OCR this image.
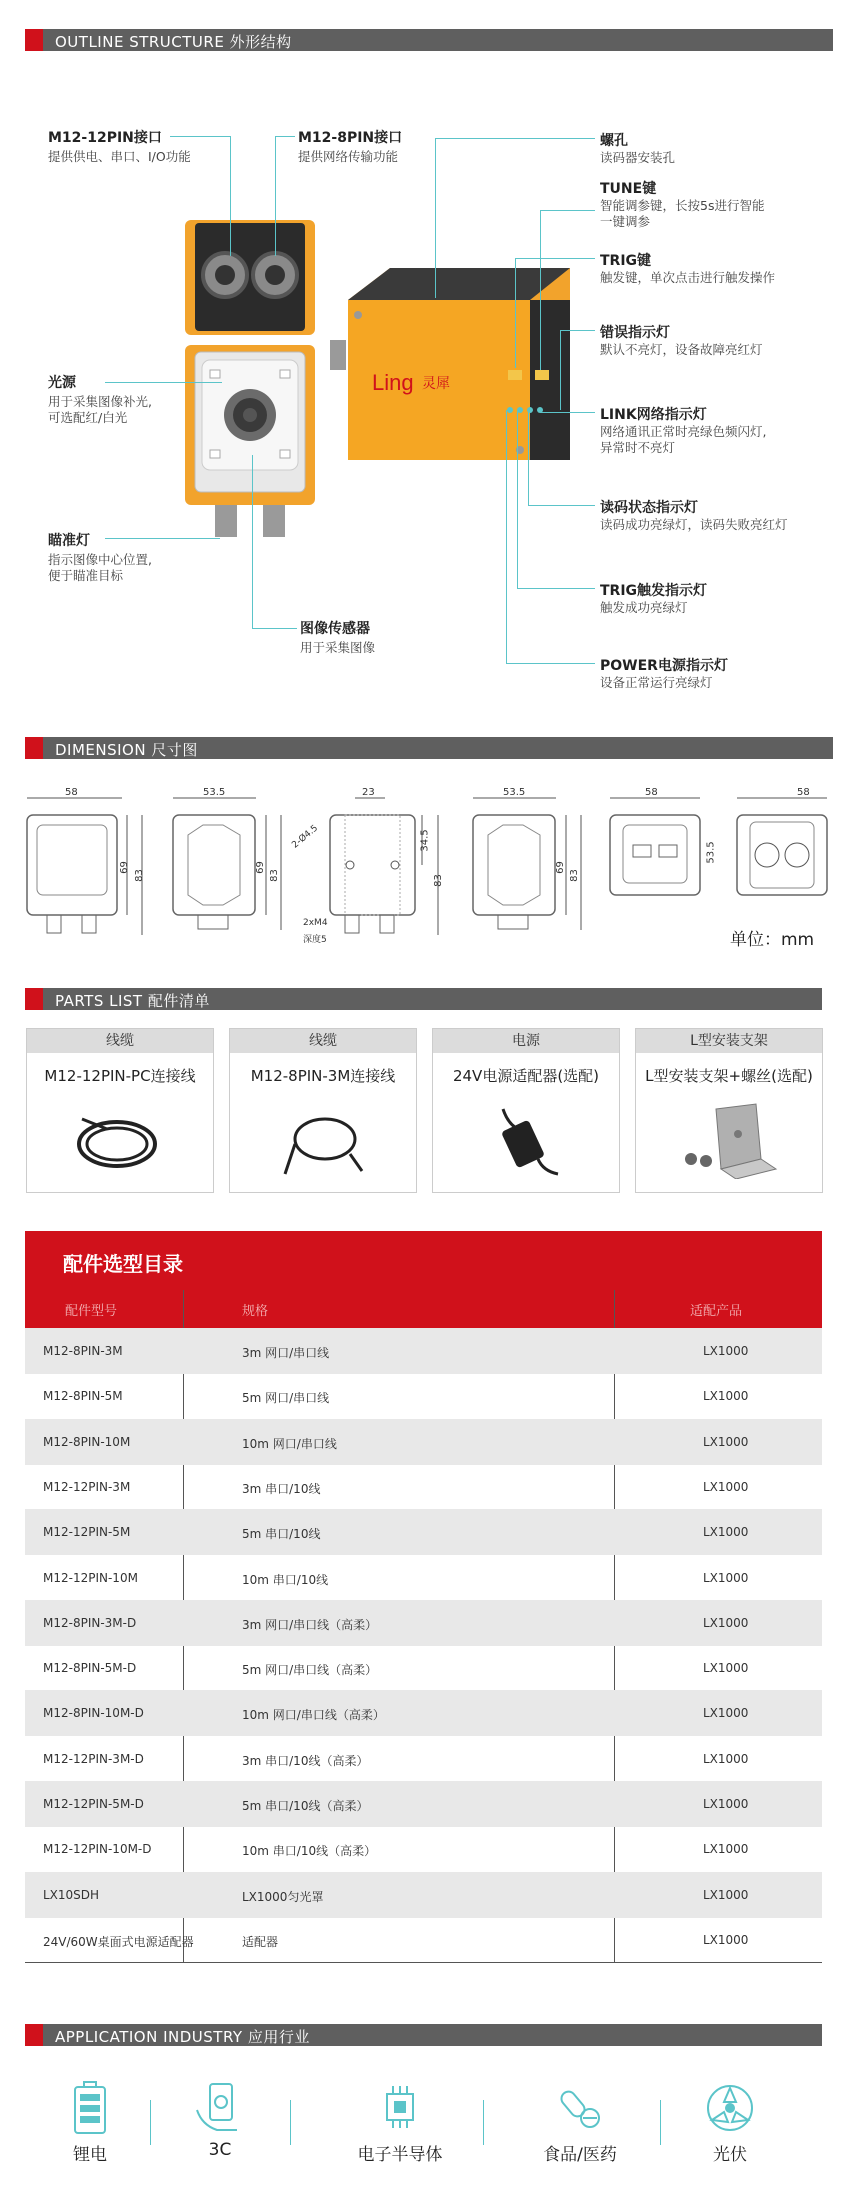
OUTLINE STRUCTURE 外形结构
Ling 灵犀
M12-12PIN接口
提供供电、串口、I/O功能
M12-8PIN接口
提供网络传输功能
光源
用于采集图像补光,
可选配红/白光
瞄准灯
指示图像中心位置,
便于瞄准目标
图像传感器
用于采集图像
螺孔
读码器安装孔
TUNE键
智能调参键，长按5s进行智能
一键调参
TRIG键
触发键，单次点击进行触发操作
错误指示灯
默认不亮灯，设备故障亮红灯
LINK网络指示灯
网络通讯正常时亮绿色频闪灯,
异常时不亮灯
读码状态指示灯
读码成功亮绿灯，读码失败亮红灯
TRIG触发指示灯
触发成功亮绿灯
POWER电源指示灯
设备正常运行亮绿灯
DIMENSION 尺寸图
58
69
83
53.5
69
83
23
2-Ø4.5	34.5
83
2xM4
深度5
53.5
69
83
58	58
53.5
单位：mm
PARTS LIST 配件清单
线缆
M12-12PIN-PC连接线
线缆
M12-8PIN-3M连接线
电源
24V电源适配器(选配)
L型安装支架
L型安装支架+螺丝(选配)
配件选型目录
配件型号	规格	适配产品
M12-8PIN-3M	3m 网口/串口线	LX1000
M12-8PIN-5M	5m 网口/串口线	LX1000
M12-8PIN-10M	10m 网口/串口线	LX1000
M12-12PIN-3M	3m 串口/10线	LX1000
M12-12PIN-5M	5m 串口/10线	LX1000
M12-12PIN-10M	10m 串口/10线	LX1000
M12-8PIN-3M-D	3m 网口/串口线（高柔）	LX1000
M12-8PIN-5M-D	5m 网口/串口线（高柔）	LX1000
M12-8PIN-10M-D	10m 网口/串口线（高柔）	LX1000
M12-12PIN-3M-D	3m 串口/10线（高柔）	LX1000
M12-12PIN-5M-D	5m 串口/10线（高柔）	LX1000
M12-12PIN-10M-D	10m 串口/10线（高柔）	LX1000
LX10SDH	LX1000匀光罩	LX1000
24V/60W桌面式电源适配器	适配器	LX1000
APPLICATION INDUSTRY 应用行业
锂电	3C	电子半导体	食品/医药	光伏
